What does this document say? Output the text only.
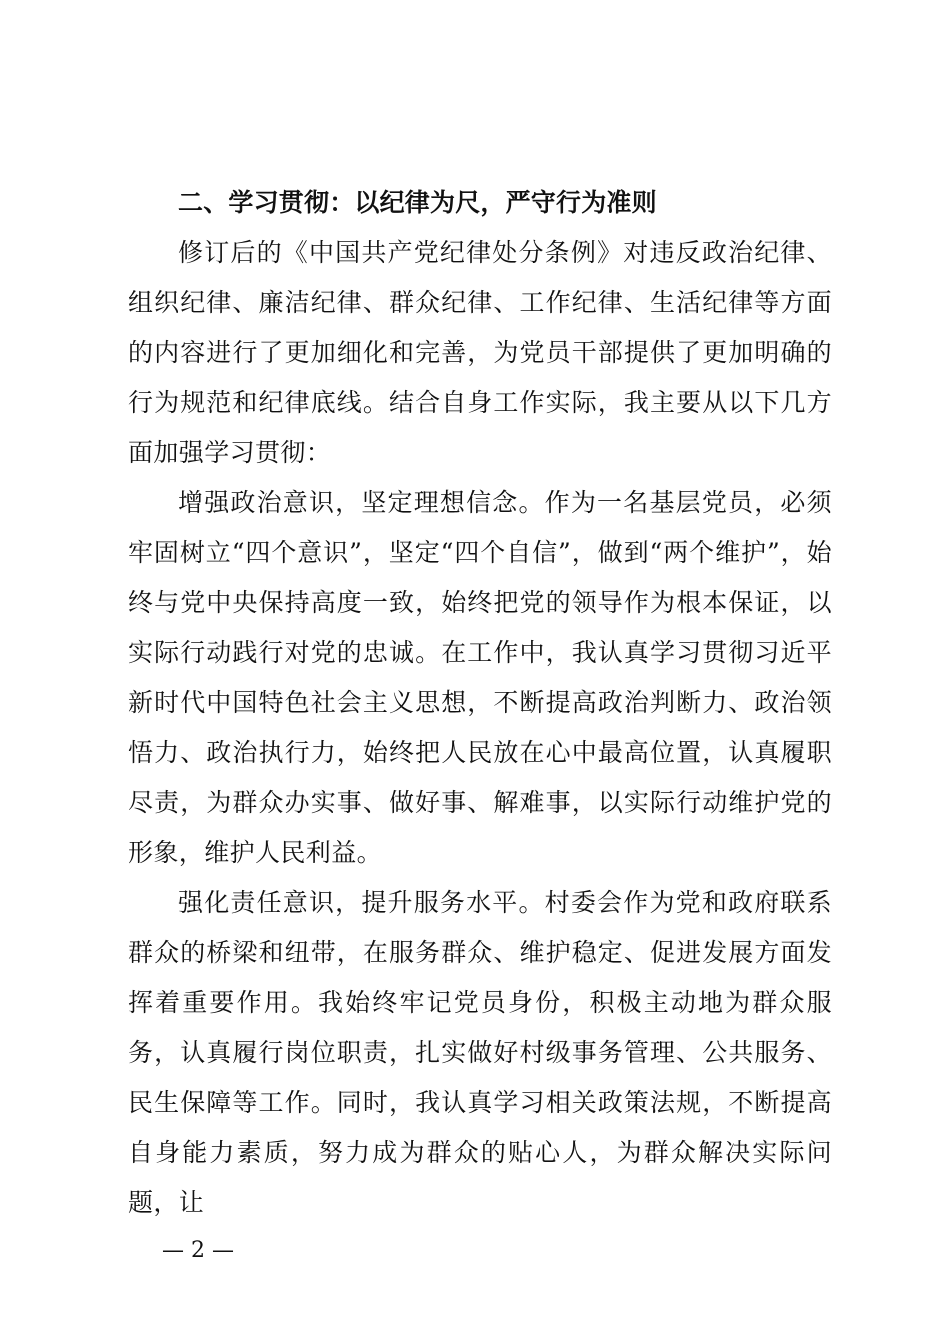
二、学习贯彻：以纪律为尺，严守行为准则

修订后的《中国共产党纪律处分条例》对违反政治纪律、组织纪律、廉洁纪律、群众纪律、工作纪律、生活纪律等方面的内容进行了更加细化和完善，为党员干部提供了更加明确的行为规范和纪律底线。结合自身工作实际，我主要从以下几方面加强学习贯彻：

增强政治意识，坚定理想信念。作为一名基层党员，必须牢固树立“四个意识”，坚定“四个自信”，做到“两个维护”，始终与党中央保持高度一致，始终把党的领导作为根本保证，以实际行动践行对党的忠诚。在工作中，我认真学习贯彻习近平新时代中国特色社会主义思想，不断提高政治判断力、政治领悟力、政治执行力，始终把人民放在心中最高位置，认真履职尽责，为群众办实事、做好事、解难事，以实际行动维护党的形象，维护人民利益。

强化责任意识，提升服务水平。村委会作为党和政府联系群众的桥梁和纽带，在服务群众、维护稳定、促进发展方面发挥着重要作用。我始终牢记党员身份，积极主动地为群众服务，认真履行岗位职责，扎实做好村级事务管理、公共服务、民生保障等工作。同时，我认真学习相关政策法规，不断提高自身能力素质，努力成为群众的贴心人，为群众解决实际问题，让

— 2 —
